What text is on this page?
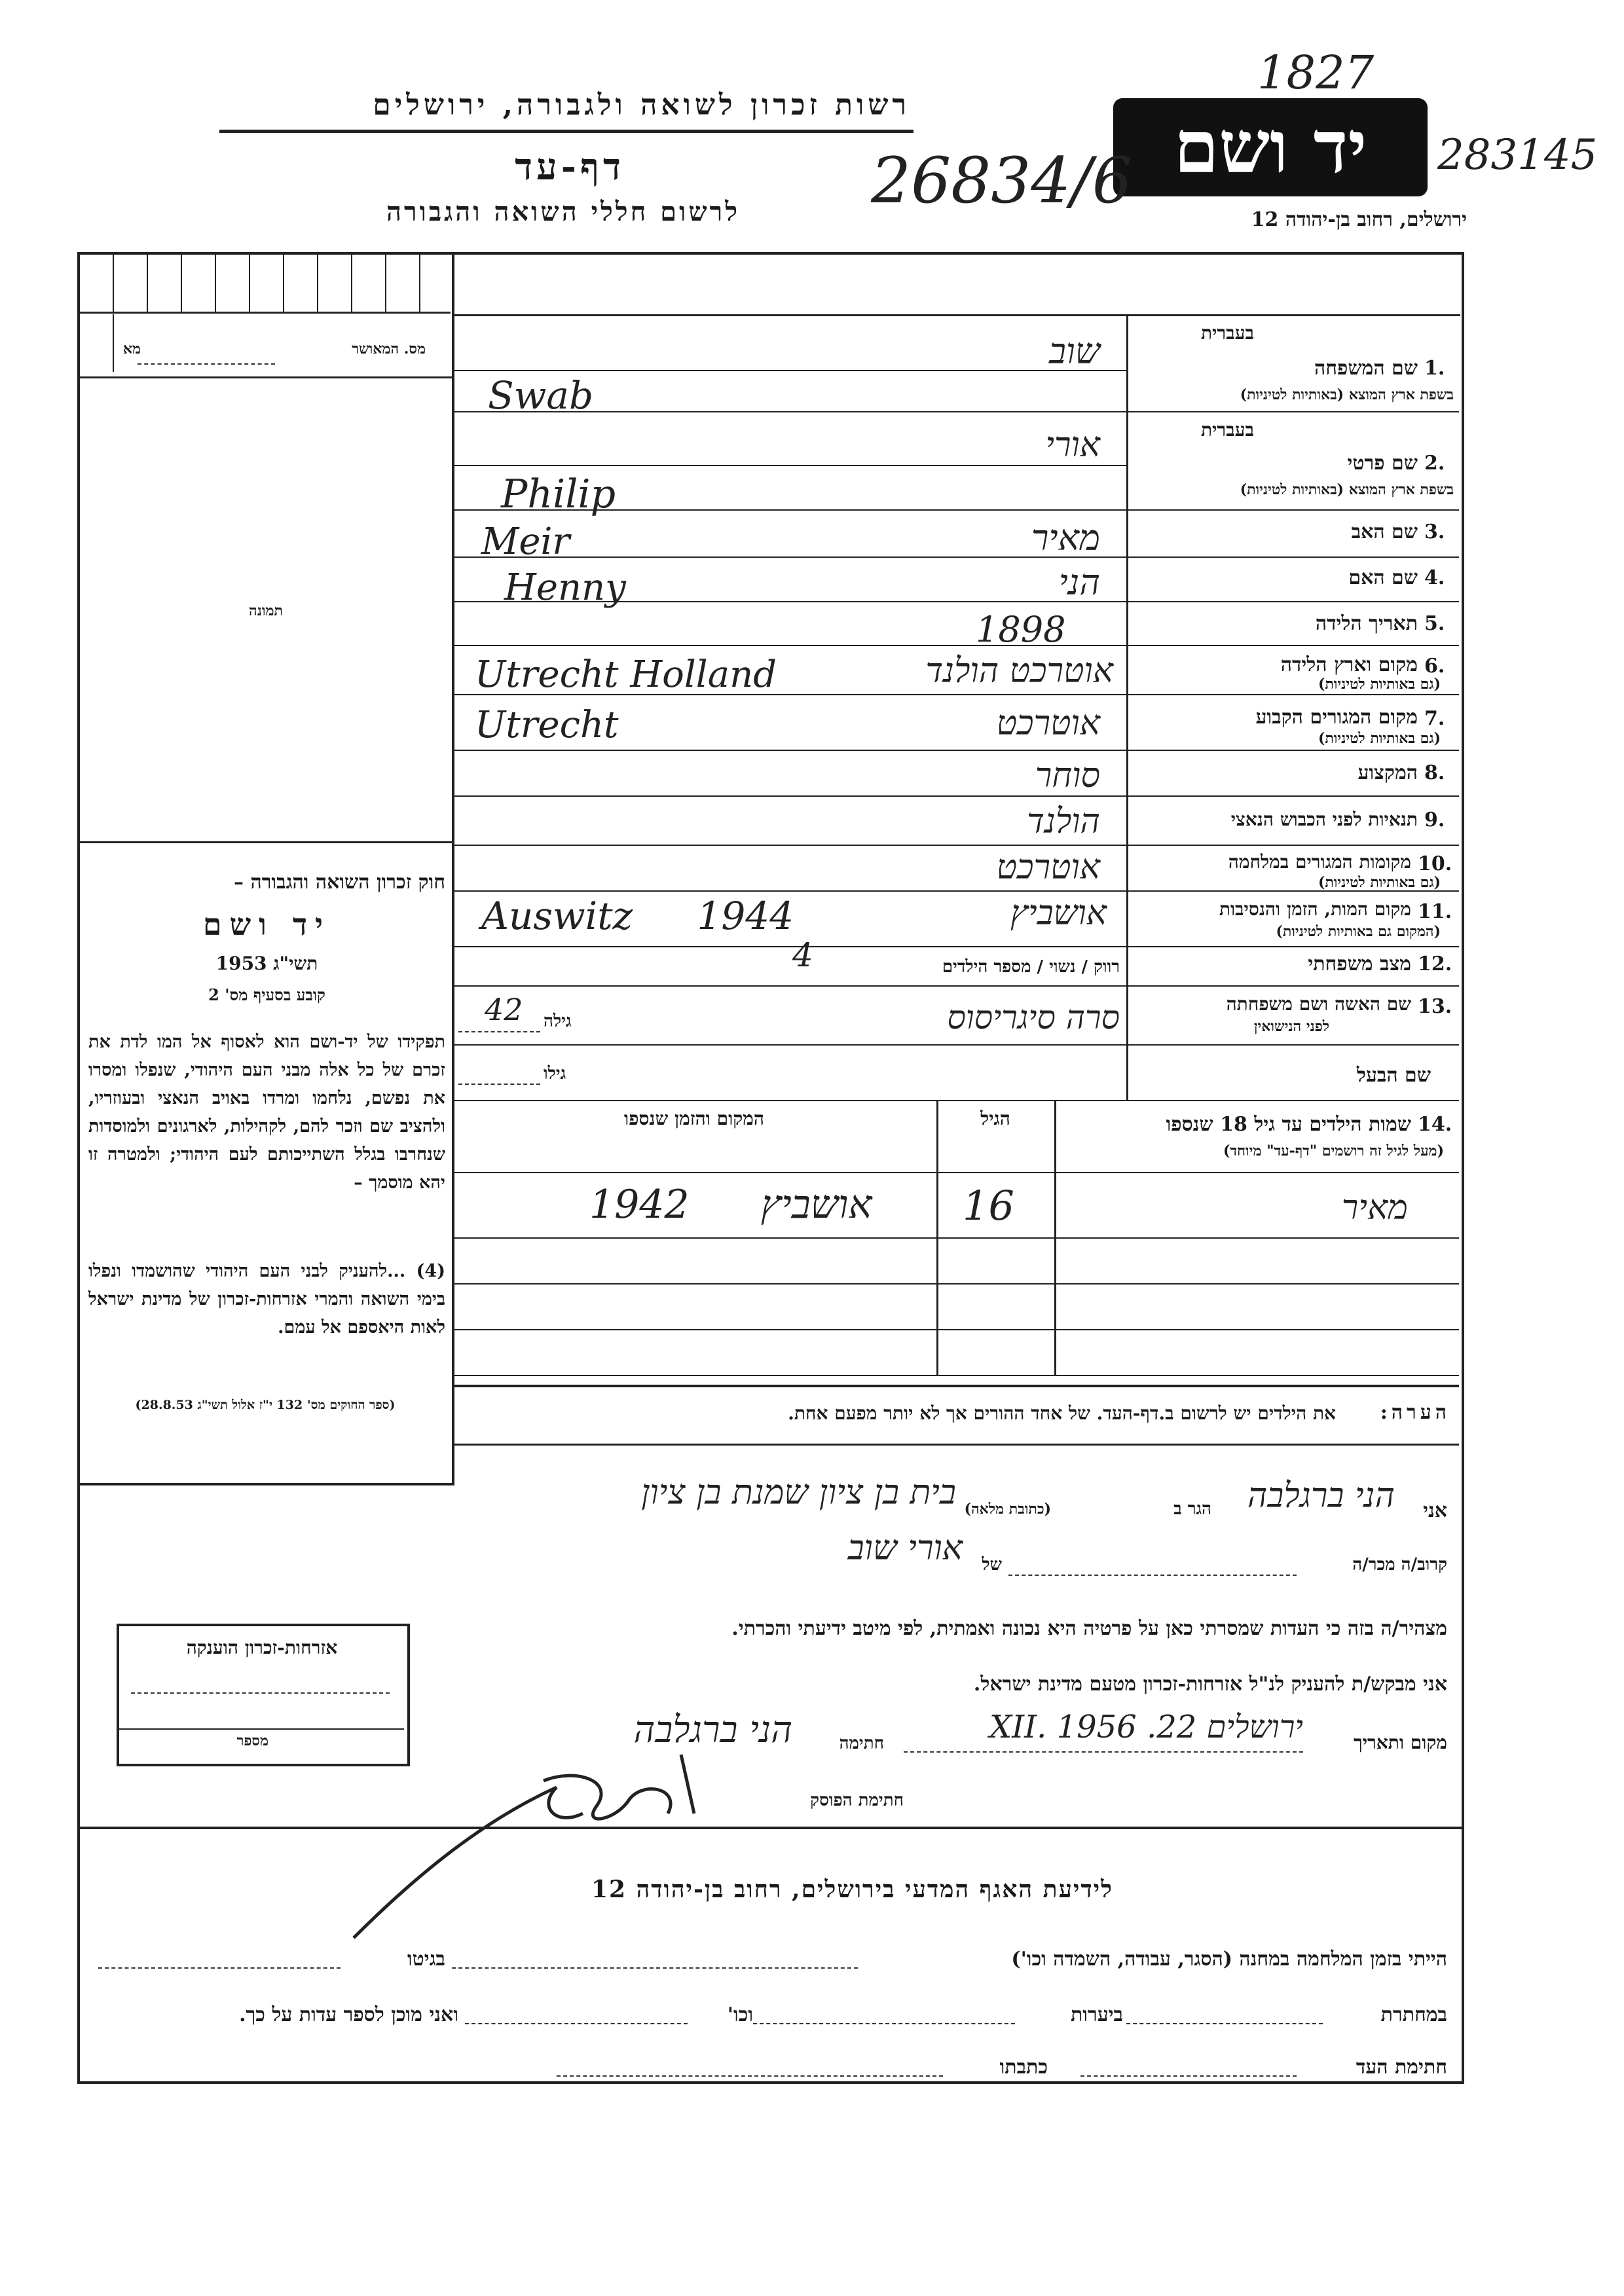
רשות זכרון לשואה ולגבורה, ירושלים
דף-עד
לרשום חללי השואה והגבורה
יד ושם
ירושלים, רחוב בן-יהודה 12
26834/6
1827
283145
מס. המאושר
מא
תמונה
חוק זכרון השואה והגבורה –
יד ושם
תשי"ג 1953
קובע בסעיף מס' 2
תפקידו של יד-ושם הוא לאסוף אל המו לדת את זכרם של כל אלה מבני העם היהודי, שנפלו ומסרו את נפשם, נלחמו ומרדו באויב הנאצי ובעוזריו, ולהציב שם וזכר להם, לקהילות, לארגונים ולמוסדות שנחרבו בגלל השתייכותם לעם היהודי; ולמטרה זו יהא מוסמך –
(4) ...להעניק לבני העם היהודי שהושמדו ונפלו בימי השואה והמרי אזרחות-זכרון של מדינת ישראל לאות היאספם אל עמם.
(ספר החוקים מס' 132 י"ז אלול תשי"ג 28.8.53)
בעברית
1.
שם המשפחה
בשפת ארץ המוצא (באותיות לטיניות)
שוב
Swab
בעברית
2.
שם פרטי
בשפת ארץ המוצא (באותיות לטיניות)
אורי
Philip
3.
שם האב
מאיר
Meir
4.
שם האם
הני
Henny
5.
תאריך הלידה
1898
6.
מקום וארץ הלידה
(גם באותיות לטיניות)
אוטרכט הולנד
Utrecht Holland
7.
מקום המגורים הקבוע
(גם באותיות לטיניות)
אוטרכט
Utrecht
8.
המקצוע
סוחר
9.
תנאיות לפני הכבוש הנאצי
הולנד
10.
מקומות המגורים במלחמה
(גם באותיות לטיניות)
אוטרכט
11.
מקום המות, הזמן והנסיבות
(המקום גם באותיות לטיניות)
אושביץ
Auswitz 1944
12.
מצב משפחתי
רווק / נשוי / מספר הילדים
4
13.
שם האשה ושם משפחתה
לפני הנישואין
סרה סיגריסוס
גילה
42
שם הבעל
גילו
14.
שמות הילדים עד גיל 18 שנספו
(מעל לגיל זה רושמים "דף-עד" מיוחד)
הגיל
המקום והזמן שנספו
מאיר
16
1942 אושביץ
הערה:
את הילדים יש לרשום ב.דף-העד. של אחד ההורים אך לא יותר מפעם אחת.
אני
הני ברגלבה
הגר ב
(כתובת מלאה)
בית בן ציון שמנת בן ציון
קרוב/ה מכר/ה
של
אורי שוב
מצהיר/ה בזה כי העדות שמסרתי כאן על פרטיה היא נכונה ואמתית, לפי מיטב ידיעתי והכרתי.
אני מבקש/ת להעניק לנ"ל אזרחות-זכרון מטעם מדינת ישראל.
מקום ותאריך
ירושלים 22. XII. 1956
חתימה
הני ברגלבה
חתימת הפוסק
אזרחות-זכרון הוענקה
מספר
לידיעת האגף המדעי בירושלים, רחוב בן-יהודה 12
הייתי בזמן המלחמה במחנה (הסגר, עבודה, השמדה וכו')
בגיטו
במחתרת
ביערות
וכו'
ואני מוכן לספר עדות על כך.
חתימת העד
כתבתו
